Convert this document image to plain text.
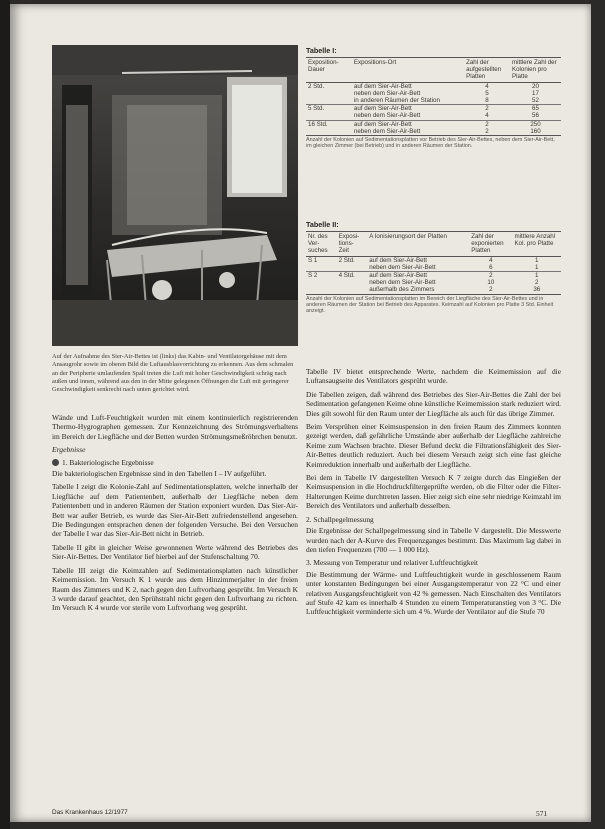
Auf der Aufnahme des Sier-Air-Bettes ist (links) das Kabin- und Ventilatorgehäuse mit dem Ansaugrohr sowie im oberen Bild die Luftausblasvorrichtung zu erkennen. Aus dem schmalen an der Peripherie umlaufenden Spalt treten die Luft mit hoher Geschwindigkeit schräg nach außen und innen, während aus den in der Mitte gelegenen Öffnungen die Luft mit geringerer Geschwindigkeit senkrecht nach unten gerichtet wird.

Wände und Luft-Feuchtigkeit wurden mit einem kontinuierlich registrierenden Thermo-Hygrographen gemessen. Zur Kennzeichnung des Strömungsverhaltens im Bereich der Liegfläche und der Betten wurden Strömungsmeßröhrchen benutzt.

Ergebnisse
1. Bakteriologische Ergebnisse

Die bakteriologischen Ergebnisse sind in den Tabellen I – IV aufgeführt.

Tabelle I zeigt die Kolonie-Zahl auf Sedimentationsplatten, welche innerhalb der Liegfläche auf dem Patientenbett, außerhalb der Liegfläche neben dem Patientenbett und in anderen Räumen der Station exponiert wurden. Das Sier-Air-Bett war außer Betrieb, es wurde das Sier-Air-Bett zufriedenstellend angesehen. Die Bedingungen entsprachen denen der folgenden Versuche. Bei den Versuchen der Tabelle I war das Sier-Air-Bett nicht in Betrieb.

Tabelle II gibt in gleicher Weise gewonnenen Werte während des Betriebes des Sier-Air-Bettes. Der Ventilator lief hierbei auf der Stufenschaltung 70.

Tabelle III zeigt die Keimzahlen auf Sedimentationsplatten nach künstlicher Keimemission. Im Versuch K 1 wurde aus dem Hinzimmerjalter in der freien Raum des Zimmers und K 2, nach gegen den Luftvorhang gesprüht. Im Versuch K 3 wurde darauf geachtet, den Sprühstrahl nicht gegen den Luftvorhang zu richten. Im Versuch K 4 wurde vor sterile vom Luftvorhang weg gesprüht.

Tabelle I:
Exposition- Dauer	Expositions-Ort	Zahl der aufgestellten Platten	mittlere Zahl der Kolonien pro Platte
2 Std.	auf dem Sier-Air-Bett	4	20
	neben dem Sier-Air-Bett	5	17
	in anderen Räumen der Station	8	52
5 Std.	auf dem Sier-Air-Bett	2	65
	neben dem Sier-Air-Bett	4	56
16 Std.	auf dem Sier-Air-Bett	2	250
	neben dem Sier-Air-Bett	2	160
Anzahl der Kolonien auf Sedimentationsplatten vor Betrieb des Sier-Air-Bettes, neben dem Sier-Air-Bett, im gleichen Zimmer (bei Betrieb) und in anderen Räumen der Station.
Tabelle II:
Nr. des Ver- suches	Exposi- tions- Zeit	A Ionisierungsort der Platten	Zahl der exponierten Platten	mittlere Anzahl Kol. pro Platte
S 1	2 Std.	auf dem Sier-Air-Bett	4	1
		neben dem Sier-Air-Bett	6	1
S 2	4 Std.	auf dem Sier-Air-Bett	2	1
		neben dem Sier-Air-Bett	10	2
		außerhalb des Zimmers	2	36
Anzahl der Kolonien auf Sedimentationsplatten im Bereich der Liegfläche des Sier-Air-Bettes und in anderen Räumen der Station bei Betrieb des Apparates. Keimzahl auf Kolonien pro Platte 3 Std. Einheit anzeigt.

Tabelle IV bietet entsprechende Werte, nachdem die Keimemission auf die Luftansaugseite des Ventilators gesprüht wurde.

Die Tabellen zeigen, daß während des Betriebes des Sier-Air-Bettes die Zahl der bei Sedimentation gefangenen Keime ohne künstliche Keimemission stark reduziert wird. Dies gilt sowohl für den Raum unter der Liegfläche als auch für das übrige Zimmer.

Beim Versprühen einer Keimsuspension in den freien Raum des Zimmers konnten gezeigt werden, daß gefährliche Umstände aber außerhalb der Liegfläche zahlreiche Keime zum Wachsen brachte. Dieser Befund deckt die Filtrationsfähigkeit des Sier-Air-Bettes deutlich reduziert. Auch bei diesem Versuch zeigt sich eine fast gleiche Keimreduktion innerhalb und außerhalb der Liegfläche.

Bei dem in Tabelle IV dargestellten Versuch K 7 zeigte durch das Eingießen der Keimsuspension in die Hochdruckfiltergeprüfte werden, ob die Filter oder die Filter-Halterungen Keime durchtreten lassen. Hier zeigt sich eine sehr niedrige Keimzahl im Bereich des Ventilators und außerhalb desselben.

2. Schallpegelmessung

Die Ergebnisse der Schallpegelmessung sind in Tabelle V dargestellt. Die Messwerte wurden nach der A-Kurve des Frequenzganges bestimmt. Das Maximum lag dabei in den tiefen Frequenzen (700 — 1 000 Hz).

3. Messung von Temperatur und relativer Luftfeuchtigkeit

Die Bestimmung der Wärme- und Luftfeuchtigkeit wurde in geschlossenem Raum unter konstanten Bedingungen bei einer Ausgangstemperatur von 22 °C und einer relativen Ausgangsfeuchtigkeit von 42 % gemessen. Nach Einschalten des Ventilators auf Stufe 42 kam es innerhalb 4 Stunden zu einem Temperaturanstieg von 3 °C. Die Luftfeuchtigkeit verminderte sich um 4 %. Wurde der Ventilator auf die Stufe 70

Das Krankenhaus 12/1977	571
